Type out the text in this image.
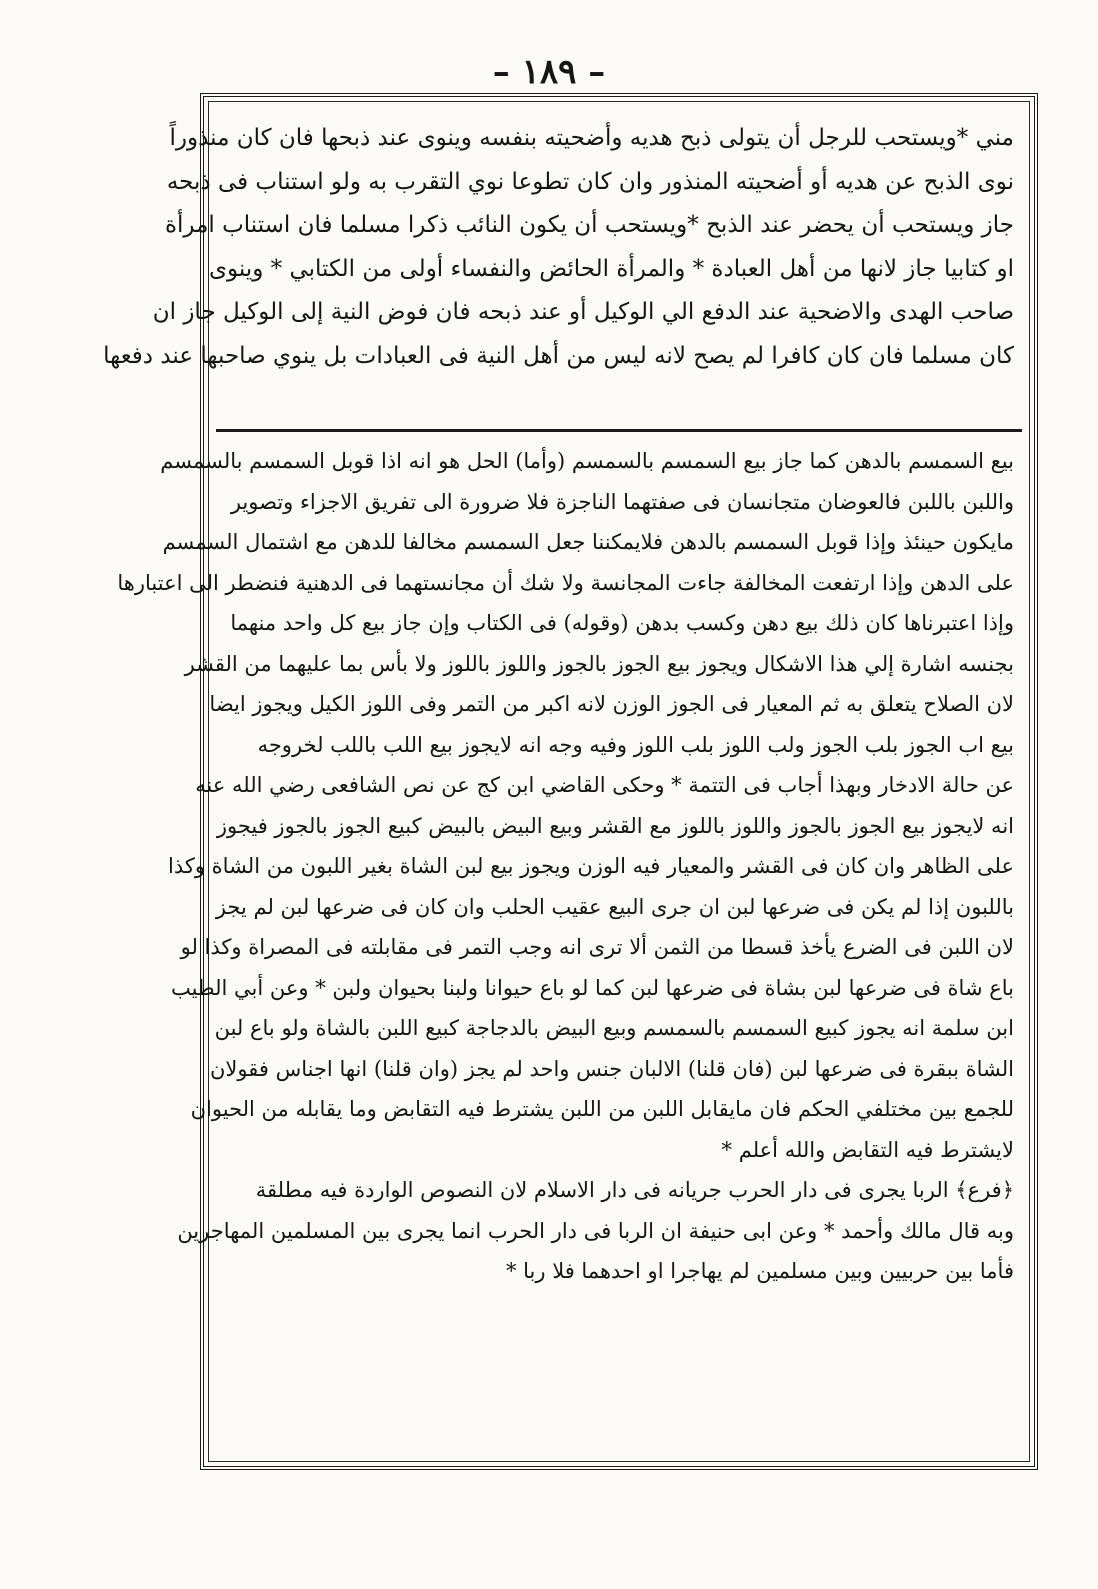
– ١٨٩ –
مني *ويستحب للرجل أن يتولى ذبح هديه وأضحيته بنفسه وينوى عند ذبحها فان كان منذوراً
نوى الذبح عن هديه أو أضحيته المنذور وان كان تطوعا نوي التقرب به ولو استناب فى ذبحه
جاز ويستحب أن يحضر عند الذبح *ويستحب أن يكون النائب ذكرا مسلما فان استناب امرأة
او كتابيا جاز لانها من أهل العبادة * والمرأة الحائض والنفساء أولى من الكتابي * وينوى
صاحب الهدى والاضحية عند الدفع الي الوكيل أو عند ذبحه فان فوض النية إلى الوكيل جاز ان
كان مسلما فان كان كافرا لم يصح لانه ليس من أهل النية فى العبادات بل ينوي صاحبها عند دفعها
بيع السمسم بالدهن كما جاز بيع السمسم بالسمسم (وأما) الحل هو انه اذا قوبل السمسم بالسمسم
واللبن باللبن فالعوضان متجانسان فى صفتهما الناجزة فلا ضرورة الى تفريق الاجزاء وتصوير
مايكون حينئذ وإذا قوبل السمسم بالدهن فلايمكننا جعل السمسم مخالفا للدهن مع اشتمال السمسم
على الدهن وإذا ارتفعت المخالفة جاءت المجانسة ولا شك أن مجانستهما فى الدهنية فنضطر الى اعتبارها
وإذا اعتبرناها كان ذلك بيع دهن وكسب بدهن (وقوله) فى الكتاب وإن جاز بيع كل واحد منهما
بجنسه اشارة إلي هذا الاشكال ويجوز بيع الجوز بالجوز واللوز باللوز ولا بأس بما عليهما من القشر
لان الصلاح يتعلق به ثم المعيار فى الجوز الوزن لانه اكبر من التمر وفى اللوز الكيل ويجوز ايضا
بيع اب الجوز بلب الجوز ولب اللوز بلب اللوز وفيه وجه انه لايجوز بيع اللب باللب لخروجه
عن حالة الادخار وبهذا أجاب فى التتمة * وحكى القاضي ابن كج عن نص الشافعى رضي الله عنه
انه لايجوز بيع الجوز بالجوز واللوز باللوز مع القشر وبيع البيض بالبيض كبيع الجوز بالجوز فيجوز
على الظاهر وان كان فى القشر والمعيار فيه الوزن ويجوز بيع لبن الشاة بغير اللبون من الشاة وكذا
باللبون إذا لم يكن فى ضرعها لبن ان جرى البيع عقيب الحلب وان كان فى ضرعها لبن لم يجز
لان اللبن فى الضرع يأخذ قسطا من الثمن ألا ترى انه وجب التمر فى مقابلته فى المصراة وكذا لو
باع شاة فى ضرعها لبن بشاة فى ضرعها لبن كما لو باع حيوانا ولبنا بحيوان ولبن * وعن أبي الطيب
ابن سلمة انه يجوز كبيع السمسم بالسمسم وبيع البيض بالدجاجة كبيع اللبن بالشاة ولو باع لبن
الشاة ببقرة فى ضرعها لبن (فان قلنا) الالبان جنس واحد لم يجز (وان قلنا) انها اجناس فقولان
للجمع بين مختلفي الحكم فان مايقابل اللبن من اللبن يشترط فيه التقابض وما يقابله من الحيوان
لايشترط فيه التقابض والله أعلم *
﴿فرع﴾ الربا يجرى فى دار الحرب جريانه فى دار الاسلام لان النصوص الواردة فيه مطلقة
وبه قال مالك وأحمد * وعن ابى حنيفة ان الربا فى دار الحرب انما يجرى بين المسلمين المهاجرين
فأما بين حربيين وبين مسلمين لم يهاجرا او احدهما فلا ربا *
